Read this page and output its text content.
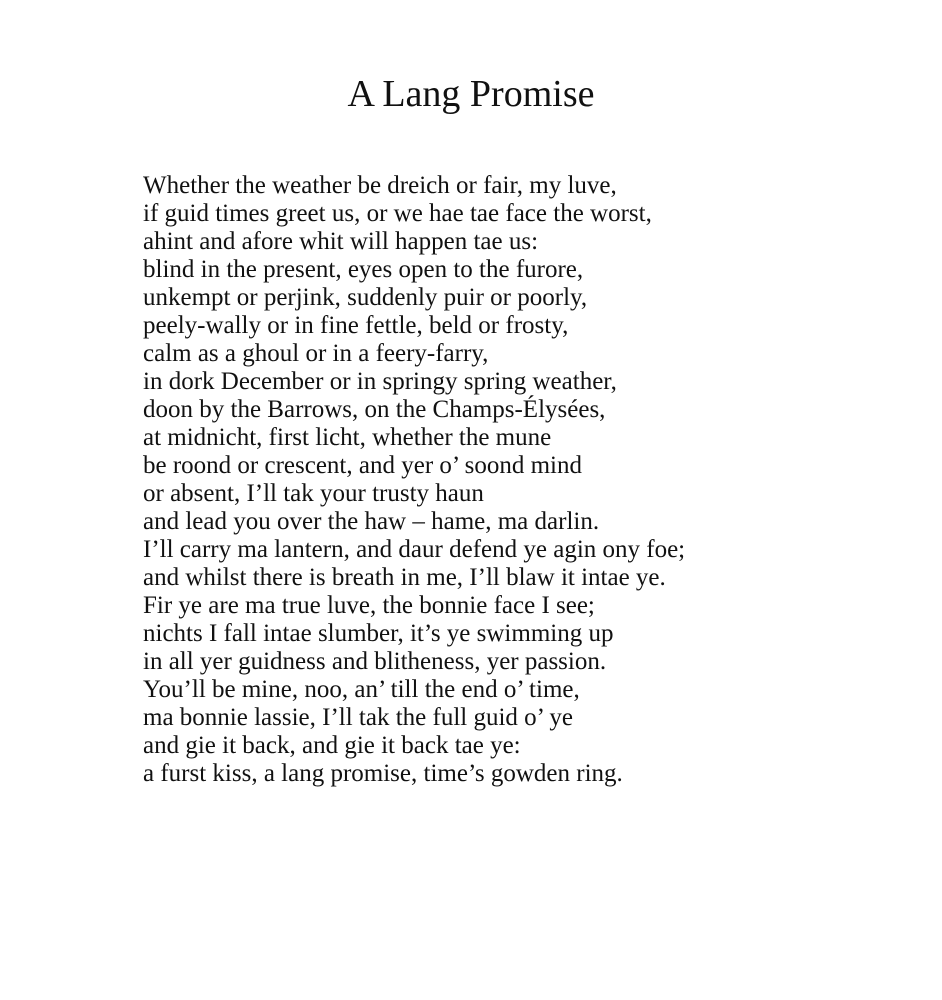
A Lang Promise
Whether the weather be dreich or fair, my luve,
if guid times greet us, or we hae tae face the worst,
ahint and afore whit will happen tae us:
blind in the present, eyes open to the furore,
unkempt or perjink, suddenly puir or poorly,
peely-wally or in fine fettle, beld or frosty,
calm as a ghoul or in a feery-farry,
in dork December or in springy spring weather,
doon by the Barrows, on the Champs-Élysées,
at midnicht, first licht, whether the mune
be roond or crescent, and yer o’ soond mind
or absent, I’ll tak your trusty haun
and lead you over the haw – hame, ma darlin.
I’ll carry ma lantern, and daur defend ye agin ony foe;
and whilst there is breath in me, I’ll blaw it intae ye.
Fir ye are ma true luve, the bonnie face I see;
nichts I fall intae slumber, it’s ye swimming up
in all yer guidness and blitheness, yer passion.
You’ll be mine, noo, an’ till the end o’ time,
ma bonnie lassie, I’ll tak the full guid o’ ye
and gie it back, and gie it back tae ye:
a furst kiss, a lang promise, time’s gowden ring.
